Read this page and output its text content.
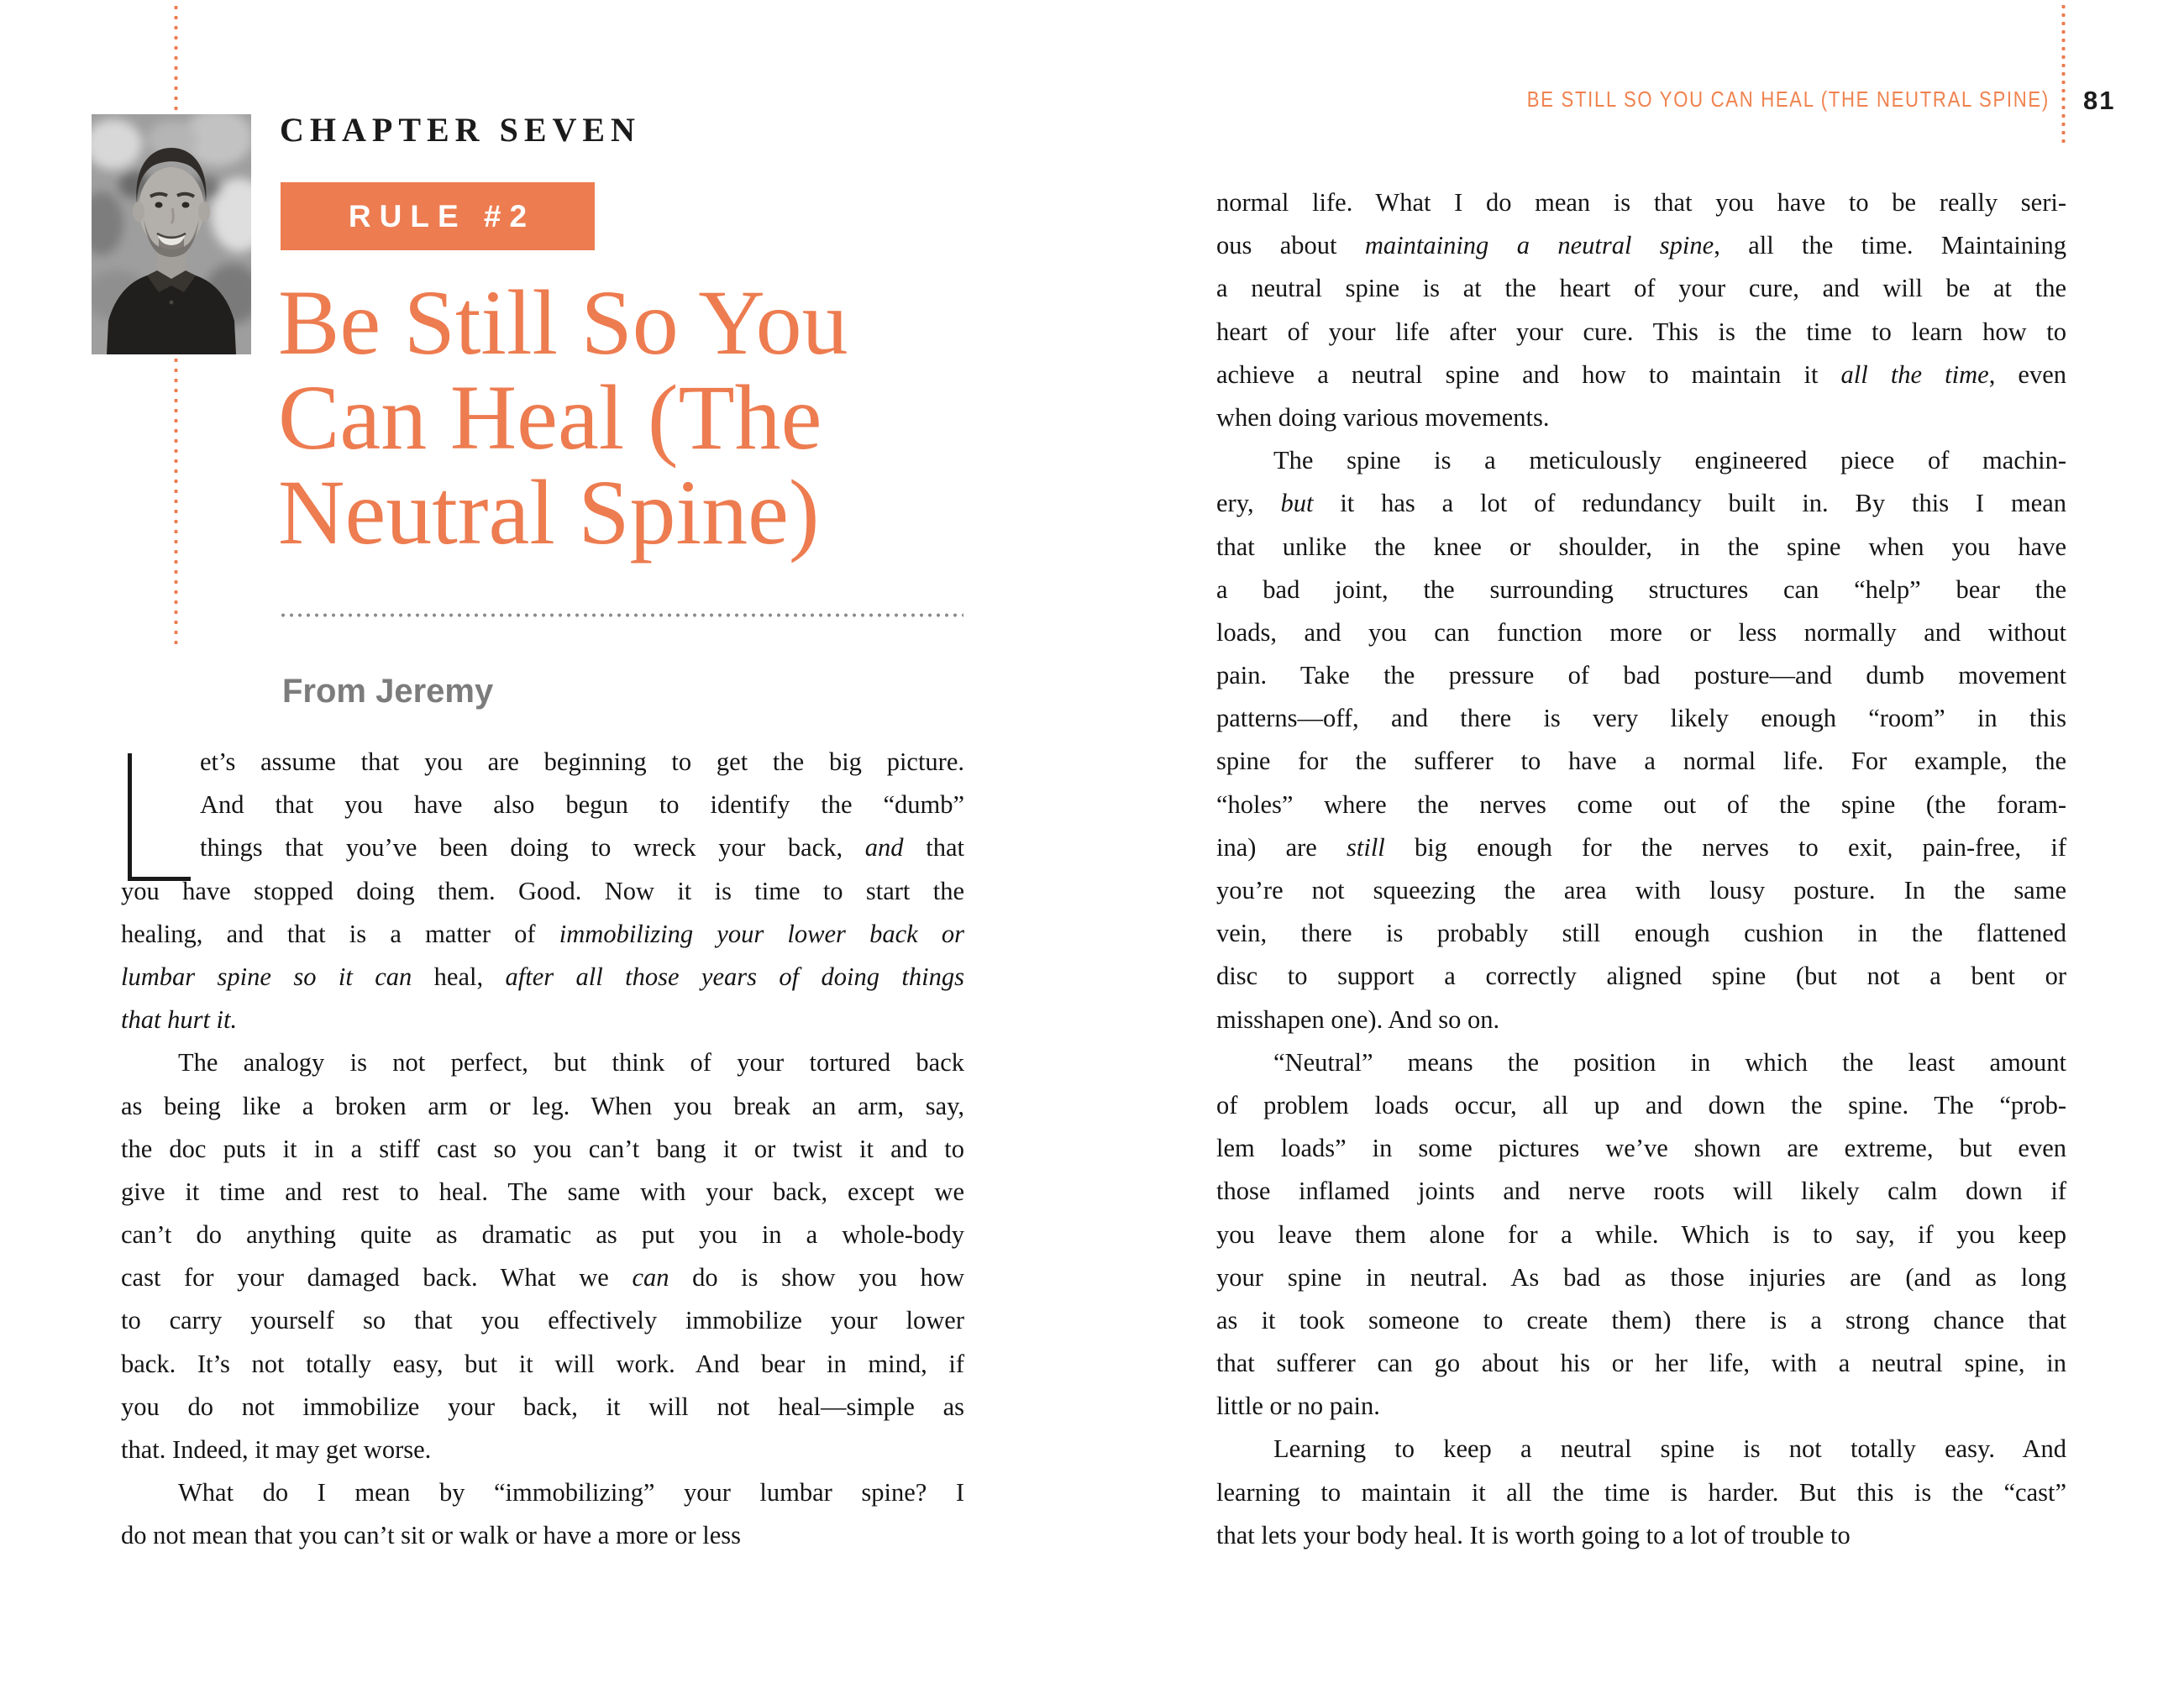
CHAPTER SEVEN
RULE #2
Be Still So You
Can Heal (The
Neutral Spine)
From Jeremy
et’s assume that you are beginning to get the big picture.
And that you have also begun to identify the “dumb”
things that you’ve been doing to wreck your back, and that
you have stopped doing them. Good. Now it is time to start the
healing, and that is a matter of immobilizing your lower back or
lumbar spine so it can heal, after all those years of doing things
that hurt it.
The analogy is not perfect, but think of your tortured back
as being like a broken arm or leg. When you break an arm, say,
the doc puts it in a stiff cast so you can’t bang it or twist it and to
give it time and rest to heal. The same with your back, except we
can’t do anything quite as dramatic as put you in a whole-body
cast for your damaged back. What we can do is show you how
to carry yourself so that you effectively immobilize your lower
back. It’s not totally easy, but it will work. And bear in mind, if
you do not immobilize your back, it will not heal—simple as
that. Indeed, it may get worse.
What do I mean by “immobilizing” your lumbar spine? I
do not mean that you can’t sit or walk or have a more or less
BE STILL SO YOU CAN HEAL (THE NEUTRAL SPINE) 81
normal life. What I do mean is that you have to be really seri-
ous about maintaining a neutral spine, all the time. Maintaining
a neutral spine is at the heart of your cure, and will be at the
heart of your life after your cure. This is the time to learn how to
achieve a neutral spine and how to maintain it all the time, even
when doing various movements.
The spine is a meticulously engineered piece of machin-
ery, but it has a lot of redundancy built in. By this I mean
that unlike the knee or shoulder, in the spine when you have
a bad joint, the surrounding structures can “help” bear the
loads, and you can function more or less normally and without
pain. Take the pressure of bad posture—and dumb movement
patterns—off, and there is very likely enough “room” in this
spine for the sufferer to have a normal life. For example, the
“holes” where the nerves come out of the spine (the foram-
ina) are still big enough for the nerves to exit, pain-free, if
you’re not squeezing the area with lousy posture. In the same
vein, there is probably still enough cushion in the flattened
disc to support a correctly aligned spine (but not a bent or
misshapen one). And so on.
“Neutral” means the position in which the least amount
of problem loads occur, all up and down the spine. The “prob-
lem loads” in some pictures we’ve shown are extreme, but even
those inflamed joints and nerve roots will likely calm down if
you leave them alone for a while. Which is to say, if you keep
your spine in neutral. As bad as those injuries are (and as long
as it took someone to create them) there is a strong chance that
that sufferer can go about his or her life, with a neutral spine, in
little or no pain.
Learning to keep a neutral spine is not totally easy. And
learning to maintain it all the time is harder. But this is the “cast”
that lets your body heal. It is worth going to a lot of trouble to
